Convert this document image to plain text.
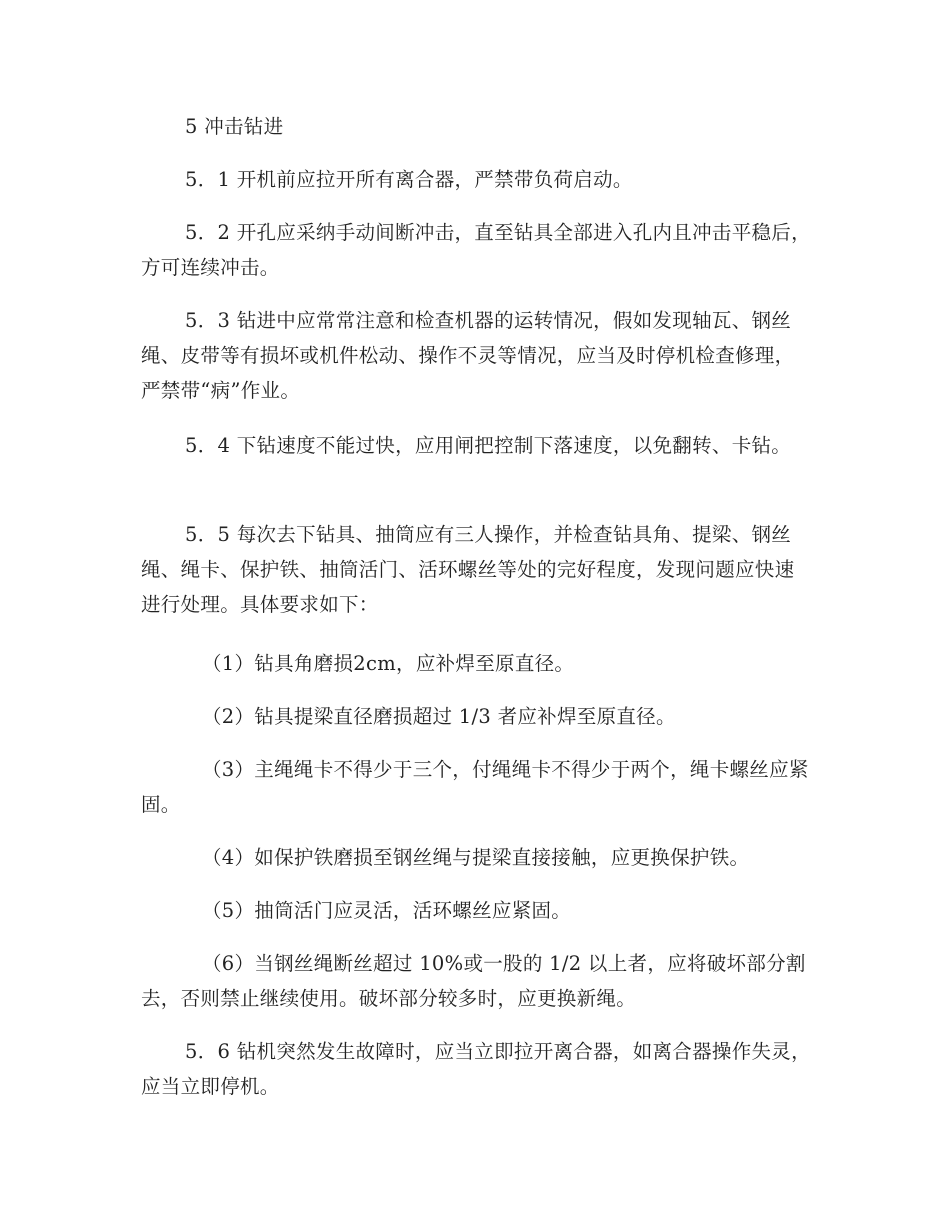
5 冲击钻进

5．1 开机前应拉开所有离合器，严禁带负荷启动。

5．2 开孔应采纳手动间断冲击，直至钻具全部进入孔内且冲击平稳后，方可连续冲击。

5．3 钻进中应常常注意和检查机器的运转情况，假如发现轴瓦、钢丝绳、皮带等有损坏或机件松动、操作不灵等情况，应当及时停机检查修理，严禁带“病”作业。

5．4 下钻速度不能过快，应用闸把控制下落速度，以免翻转、卡钻。

5．5 每次去下钻具、抽筒应有三人操作，并检查钻具角、提梁、钢丝绳、绳卡、保护铁、抽筒活门、活环螺丝等处的完好程度，发现问题应快速进行处理。具体要求如下：

（1）钻具角磨损2cm，应补焊至原直径。

（2）钻具提梁直径磨损超过 1/3 者应补焊至原直径。

（3）主绳绳卡不得少于三个，付绳绳卡不得少于两个，绳卡螺丝应紧固。

（4）如保护铁磨损至钢丝绳与提梁直接接触，应更换保护铁。

（5）抽筒活门应灵活，活环螺丝应紧固。

（6）当钢丝绳断丝超过 10%或一股的 1/2 以上者，应将破坏部分割去，否则禁止继续使用。破坏部分较多时，应更换新绳。

5．6 钻机突然发生故障时，应当立即拉开离合器，如离合器操作失灵，应当立即停机。
